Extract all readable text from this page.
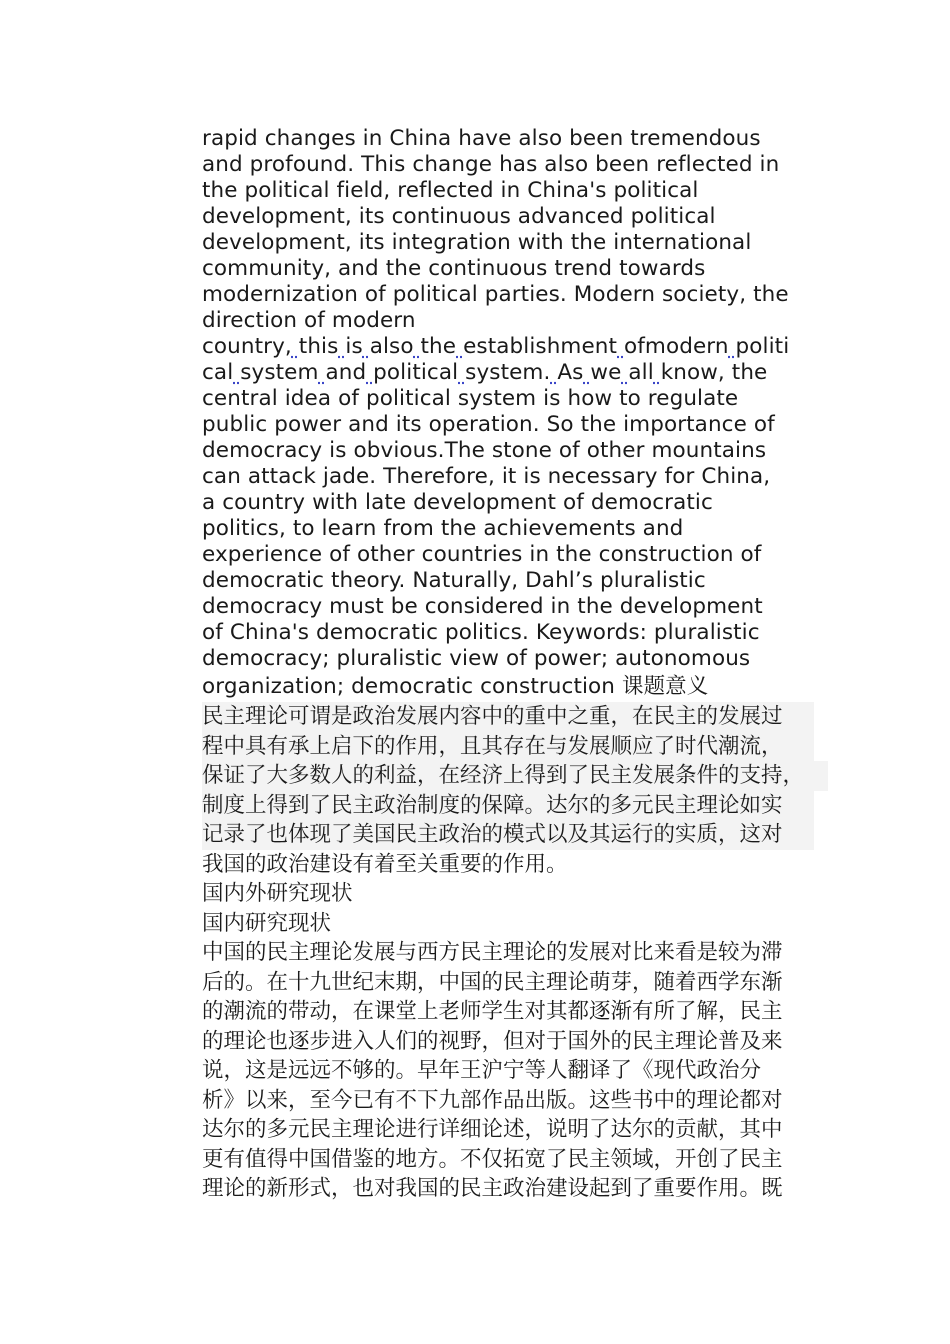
rapid changes in China have also been tremendous
and profound. This change has also been reflected in
the political field, reflected in China's political
development, its continuous advanced political
development, its integration with the international
community, and the continuous trend towards
modernization of political parties. Modern society, the
direction of modern
country, this is also the establishment ofmodern politi
cal system and political system. As we all know, the
central idea of political system is how to regulate
public power and its operation. So the importance of
democracy is obvious.The stone of other mountains
can attack jade. Therefore, it is necessary for China,
a country with late development of democratic
politics, to learn from the achievements and
experience of other countries in the construction of
democratic theory. Naturally, Dahl’s pluralistic
democracy must be considered in the development
of China's democratic politics. Keywords: pluralistic
democracy; pluralistic view of power; autonomous
organization; democratic construction 课题意义
民主理论可谓是政治发展内容中的重中之重，在民主的发展过
程中具有承上启下的作用，且其存在与发展顺应了时代潮流，
保证了大多数人的利益，在经济上得到了民主发展条件的支持，
制度上得到了民主政治制度的保障。达尔的多元民主理论如实
记录了也体现了美国民主政治的模式以及其运行的实质，这对
我国的政治建设有着至关重要的作用。
国内外研究现状
国内研究现状
中国的民主理论发展与西方民主理论的发展对比来看是较为滞
后的。在十九世纪末期，中国的民主理论萌芽，随着西学东渐
的潮流的带动，在课堂上老师学生对其都逐渐有所了解，民主
的理论也逐步进入人们的视野，但对于国外的民主理论普及来
说，这是远远不够的。早年王沪宁等人翻译了《现代政治分
析》以来，至今已有不下九部作品出版。这些书中的理论都对
达尔的多元民主理论进行详细论述，说明了达尔的贡献，其中
更有值得中国借鉴的地方。不仅拓宽了民主领域，开创了民主
理论的新形式，也对我国的民主政治建设起到了重要作用。既
